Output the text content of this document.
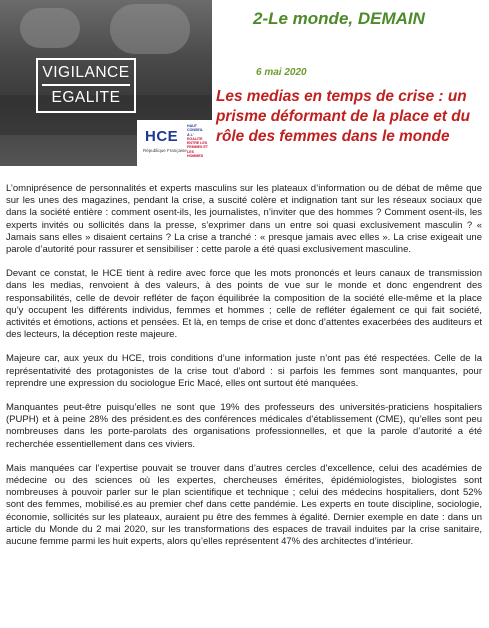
VIGILANCE
EGALITE
HCE
République Française
HAUT CONSEIL
À L'
EGALITE
ENTRE LES
FEMMES ET
LES HOMMES
2-Le monde, DEMAIN
6 mai 2020
Les medias en temps de crise : un prisme déformant de la place et du rôle des femmes dans le monde

L’omniprésence de personnalités et experts masculins sur les plateaux d’information ou de débat de même que sur les unes des magazines, pendant la crise, a suscité colère et indignation tant sur les réseaux sociaux que dans la société entière : comment osent-ils, les journalistes, n’inviter que des hommes ? Comment osent-ils, les experts invités ou sollicités dans la presse, s’exprimer dans un entre soi quasi exclusivement masculin ? « Jamais sans elles » disaient certains ? La crise a tranché : « presque jamais avec elles ». La crise exigeait une parole d’autorité pour rassurer et sensibiliser : cette parole a été quasi exclusivement masculine.

Devant ce constat, le HCE tient à redire avec force que les mots prononcés et leurs canaux de transmission dans les medias, renvoient à des valeurs, à des points de vue sur le monde et donc engendrent des responsabilités, celle de devoir refléter de façon équilibrée la composition de la société elle-même et la place qu’y occupent les différents individus, femmes et hommes ; celle de refléter également ce qui fait société, activités et émotions, actions et pensées. Et là, en temps de crise et donc d’attentes exacerbées des auditeurs et des lecteurs, la déception reste majeure.

Majeure car, aux yeux du HCE, trois conditions d’une information juste n’ont pas été respectées. Celle de la représentativité des protagonistes de la crise tout d’abord : si parfois les femmes sont manquantes, pour reprendre une expression du sociologue Eric Macé, elles ont surtout été manquées.

Manquantes peut-être puisqu’elles ne sont que 19% des professeurs des universités-praticiens hospitaliers (PUPH) et à peine 28% des président.es des conférences médicales d’établissement (CME), qu’elles sont peu nombreuses dans les porte-parolats des organisations professionnelles, et que la parole d’autorité a été recherchée essentiellement dans ces viviers.

Mais manquées car l’expertise pouvait se trouver dans d’autres cercles d’excellence, celui des académies de médecine ou des sciences où les expertes, chercheuses émérites, épidémiologistes, biologistes sont nombreuses à pouvoir parler sur le plan scientifique et technique ; celui des médecins hospitaliers, dont 52% sont des femmes, mobilisé.es au premier chef dans cette pandémie. Les experts en toute discipline, sociologie, économie, sollicités sur les plateaux, auraient pu être des femmes à égalité. Dernier exemple en date : dans un article du Monde du 2 mai 2020, sur les transformations des espaces de travail induites par la crise sanitaire, aucune femme parmi les huit experts, alors qu’elles représentent 47% des architectes d’intérieur.
